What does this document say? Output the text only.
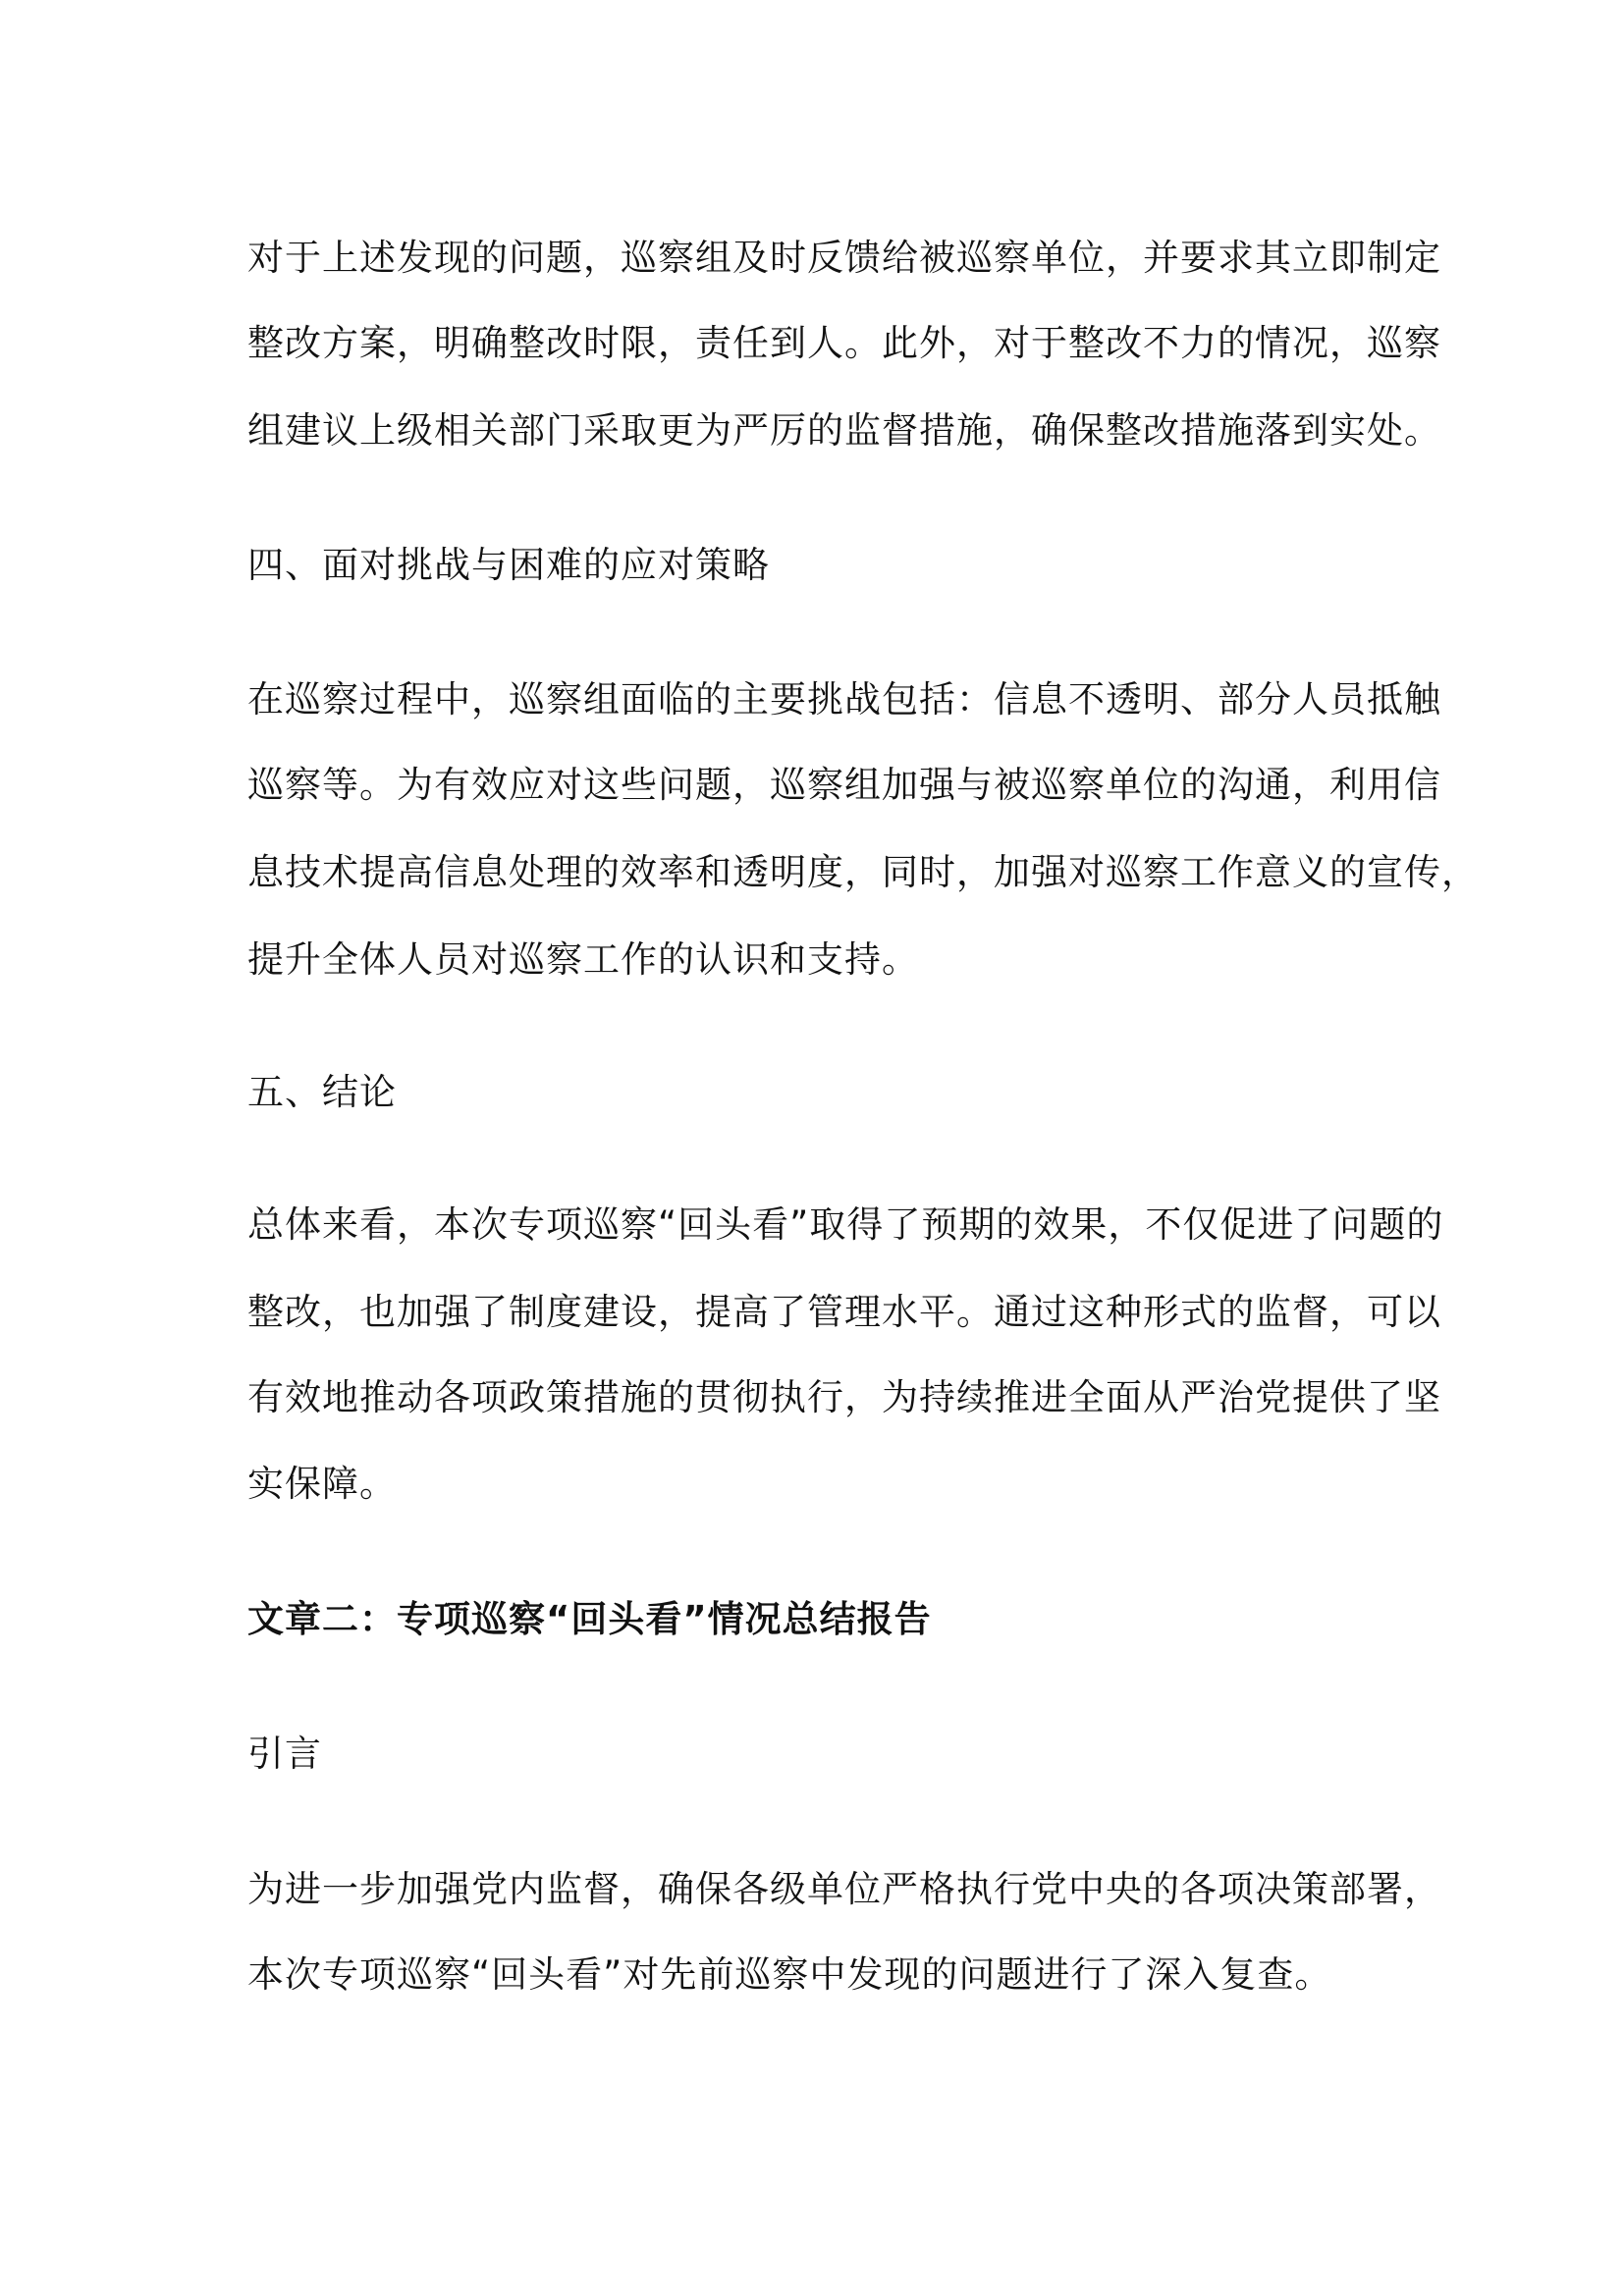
对于上述发现的问题，巡察组及时反馈给被巡察单位，并要求其立即制定
整改方案，明确整改时限，责任到人。此外，对于整改不力的情况，巡察
组建议上级相关部门采取更为严厉的监督措施，确保整改措施落到实处。
四、面对挑战与困难的应对策略
在巡察过程中，巡察组面临的主要挑战包括：信息不透明、部分人员抵触
巡察等。为有效应对这些问题，巡察组加强与被巡察单位的沟通，利用信
息技术提高信息处理的效率和透明度，同时，加强对巡察工作意义的宣传，
提升全体人员对巡察工作的认识和支持。
五、结论
总体来看，本次专项巡察“回头看”取得了预期的效果，不仅促进了问题的
整改，也加强了制度建设，提高了管理水平。通过这种形式的监督，可以
有效地推动各项政策措施的贯彻执行，为持续推进全面从严治党提供了坚
实保障。
文章二：专项巡察“回头看”情况总结报告
引言
为进一步加强党内监督，确保各级单位严格执行党中央的各项决策部署，
本次专项巡察“回头看”对先前巡察中发现的问题进行了深入复查。
